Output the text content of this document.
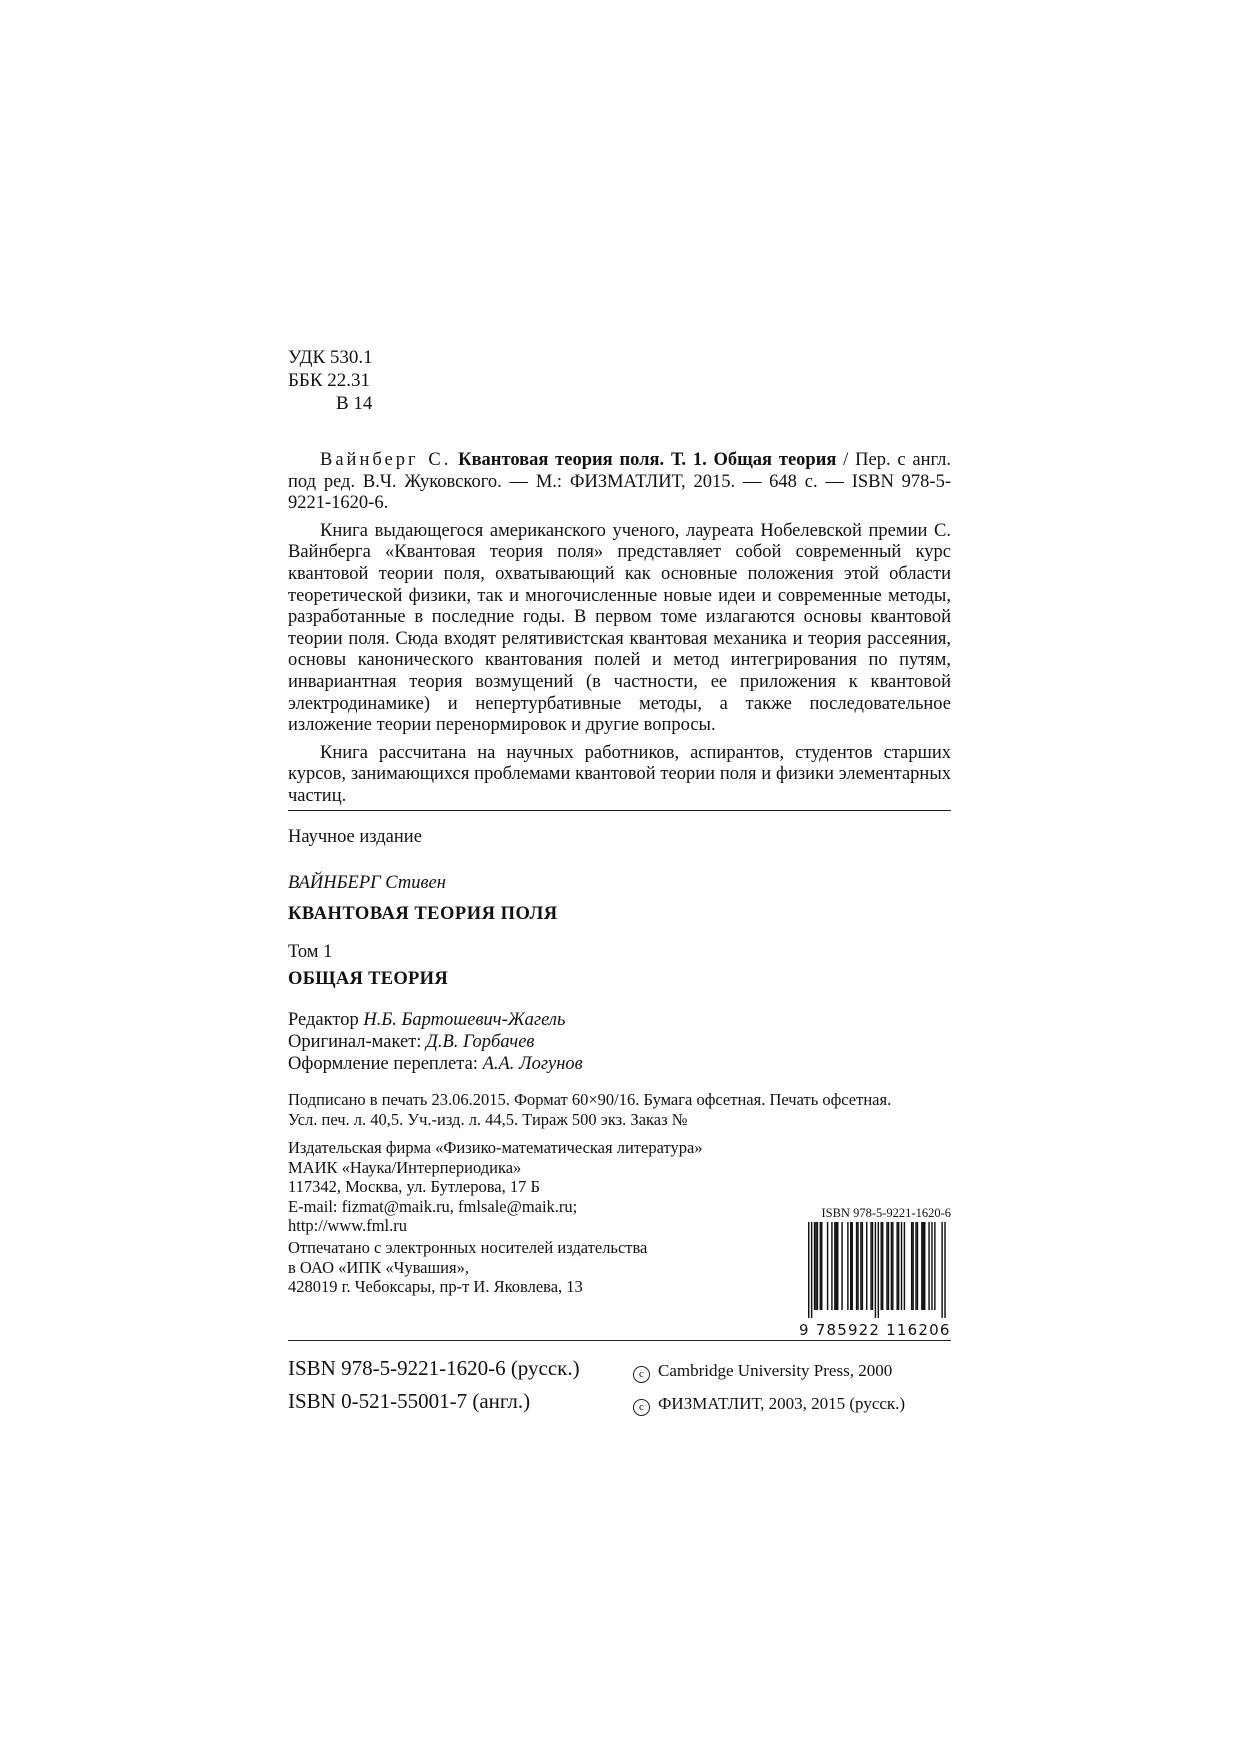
УДК 530.1
ББК 22.31
В 14

Вайнберг С. Квантовая теория поля. Т. 1. Общая теория / Пер. с англ. под ред. В.Ч. Жуковского. — М.: ФИЗМАТЛИТ, 2015. — 648 с. — ISBN 978-5-9221-1620-6.

Книга выдающегося американского ученого, лауреата Нобелевской премии С. Вайнберга «Квантовая теория поля» представляет собой современный курс квантовой теории поля, охватывающий как основные положения этой области теоретической физики, так и многочисленные новые идеи и современные методы, разработанные в последние годы. В первом томе излагаются основы квантовой теории поля. Сюда входят релятивистская квантовая механика и теория рассеяния, основы канонического квантования полей и метод интегрирования по путям, инвариантная теория возмущений (в частности, ее приложения к квантовой электродинамике) и непертурбативные методы, а также последовательное изложение теории перенормировок и другие вопросы.

Книга рассчитана на научных работников, аспирантов, студентов старших курсов, занимающихся проблемами квантовой теории поля и физики элементарных частиц.

Научное издание
ВАЙНБЕРГ Стивен
КВАНТОВАЯ ТЕОРИЯ ПОЛЯ
Том 1
ОБЩАЯ ТЕОРИЯ
Редактор Н.Б. Бартошевич-Жагель
Оригинал-макет: Д.В. Горбачев
Оформление переплета: А.А. Логунов
Подписано в печать 23.06.2015. Формат 60×90/16. Бумага офсетная. Печать офсетная.
Усл. печ. л. 40,5. Уч.-изд. л. 44,5. Тираж 500 экз. Заказ №
Издательская фирма «Физико-математическая литература»
МАИК «Наука/Интерпериодика»
117342, Москва, ул. Бутлерова, 17 Б
E-mail: fizmat@maik.ru, fmlsale@maik.ru;
http://www.fml.ru
Отпечатано с электронных носителей издательства
в ОАО «ИПК «Чувашия»,
428019 г. Чебоксары, пр-т И. Яковлева, 13
ISBN 978-5-9221-1620-6
9 785922 116206
ISBN 978-5-9221-1620-6 (русск.)
ISBN 0-521-55001-7 (англ.)
c Cambridge University Press, 2000
c ФИЗМАТЛИТ, 2003, 2015 (русск.)
